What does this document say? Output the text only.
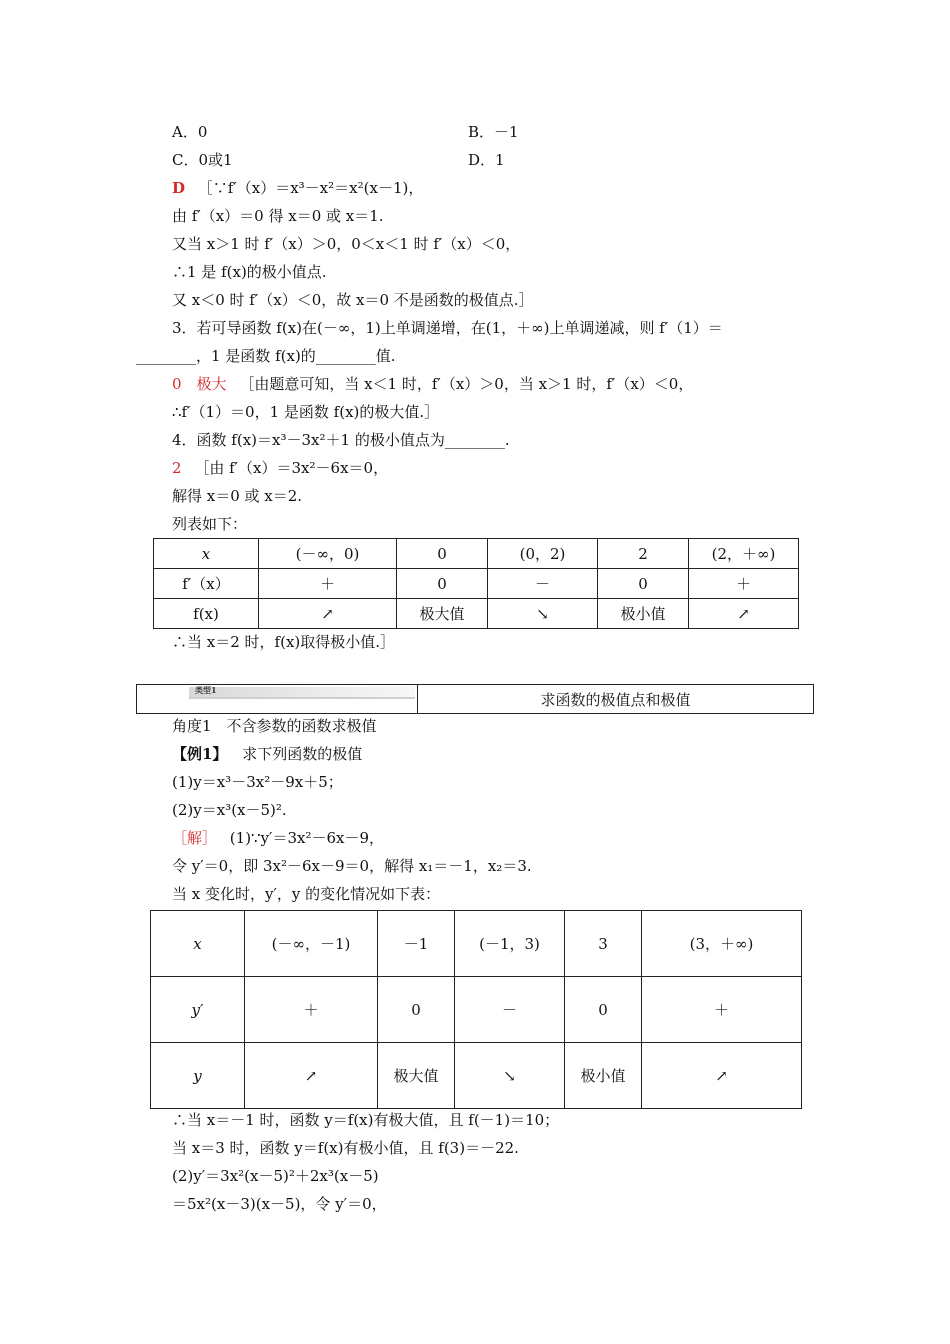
A．0	B．－1
C．0或1	D．1
D ［∵f′（x）＝x³－x²＝x²(x－1)，
由 f′（x）＝0 得 x＝0 或 x＝1.
又当 x＞1 时 f′（x）＞0，0＜x＜1 时 f′（x）＜0，
∴1 是 f(x)的极小值点.
又 x＜0 时 f′（x）＜0，故 x＝0 不是函数的极值点.］
3．若可导函数 f(x)在(－∞，1)上单调递增，在(1，＋∞)上单调递减，则 f′（1）＝
________，1 是函数 f(x)的________值.
0　极大 ［由题意可知，当 x＜1 时，f′（x）＞0，当 x＞1 时，f′（x）＜0，
∴f′（1）＝0，1 是函数 f(x)的极大值.］
4．函数 f(x)＝x³－3x²＋1 的极小值点为________.
2 ［由 f′（x）＝3x²－6x＝0，
解得 x＝0 或 x＝2.
列表如下：
x	(－∞，0)	0	(0，2)	2	(2，＋∞)
f′（x）	＋	0	－	0	＋
f(x)	↗	极大值	↘	极小值	↗
∴当 x＝2 时，f(x)取得极小值.］
类型1
求函数的极值点和极值
角度1　不含参数的函数求极值
【例1】 求下列函数的极值
(1)y＝x³－3x²－9x＋5；
(2)y＝x³(x－5)².
［解］ (1)∵y′＝3x²－6x－9，
令 y′＝0，即 3x²－6x－9＝0，解得 x₁＝－1，x₂＝3.
当 x 变化时，y′，y 的变化情况如下表：
x	(－∞，－1)	－1	(－1，3)	3	(3，＋∞)
y′	＋	0	－	0	＋
y	↗	极大值	↘	极小值	↗
∴当 x＝－1 时，函数 y＝f(x)有极大值，且 f(－1)＝10；
当 x＝3 时，函数 y＝f(x)有极小值，且 f(3)＝－22.
(2)y′＝3x²(x－5)²＋2x³(x－5)
＝5x²(x－3)(x－5)，令 y′＝0，
